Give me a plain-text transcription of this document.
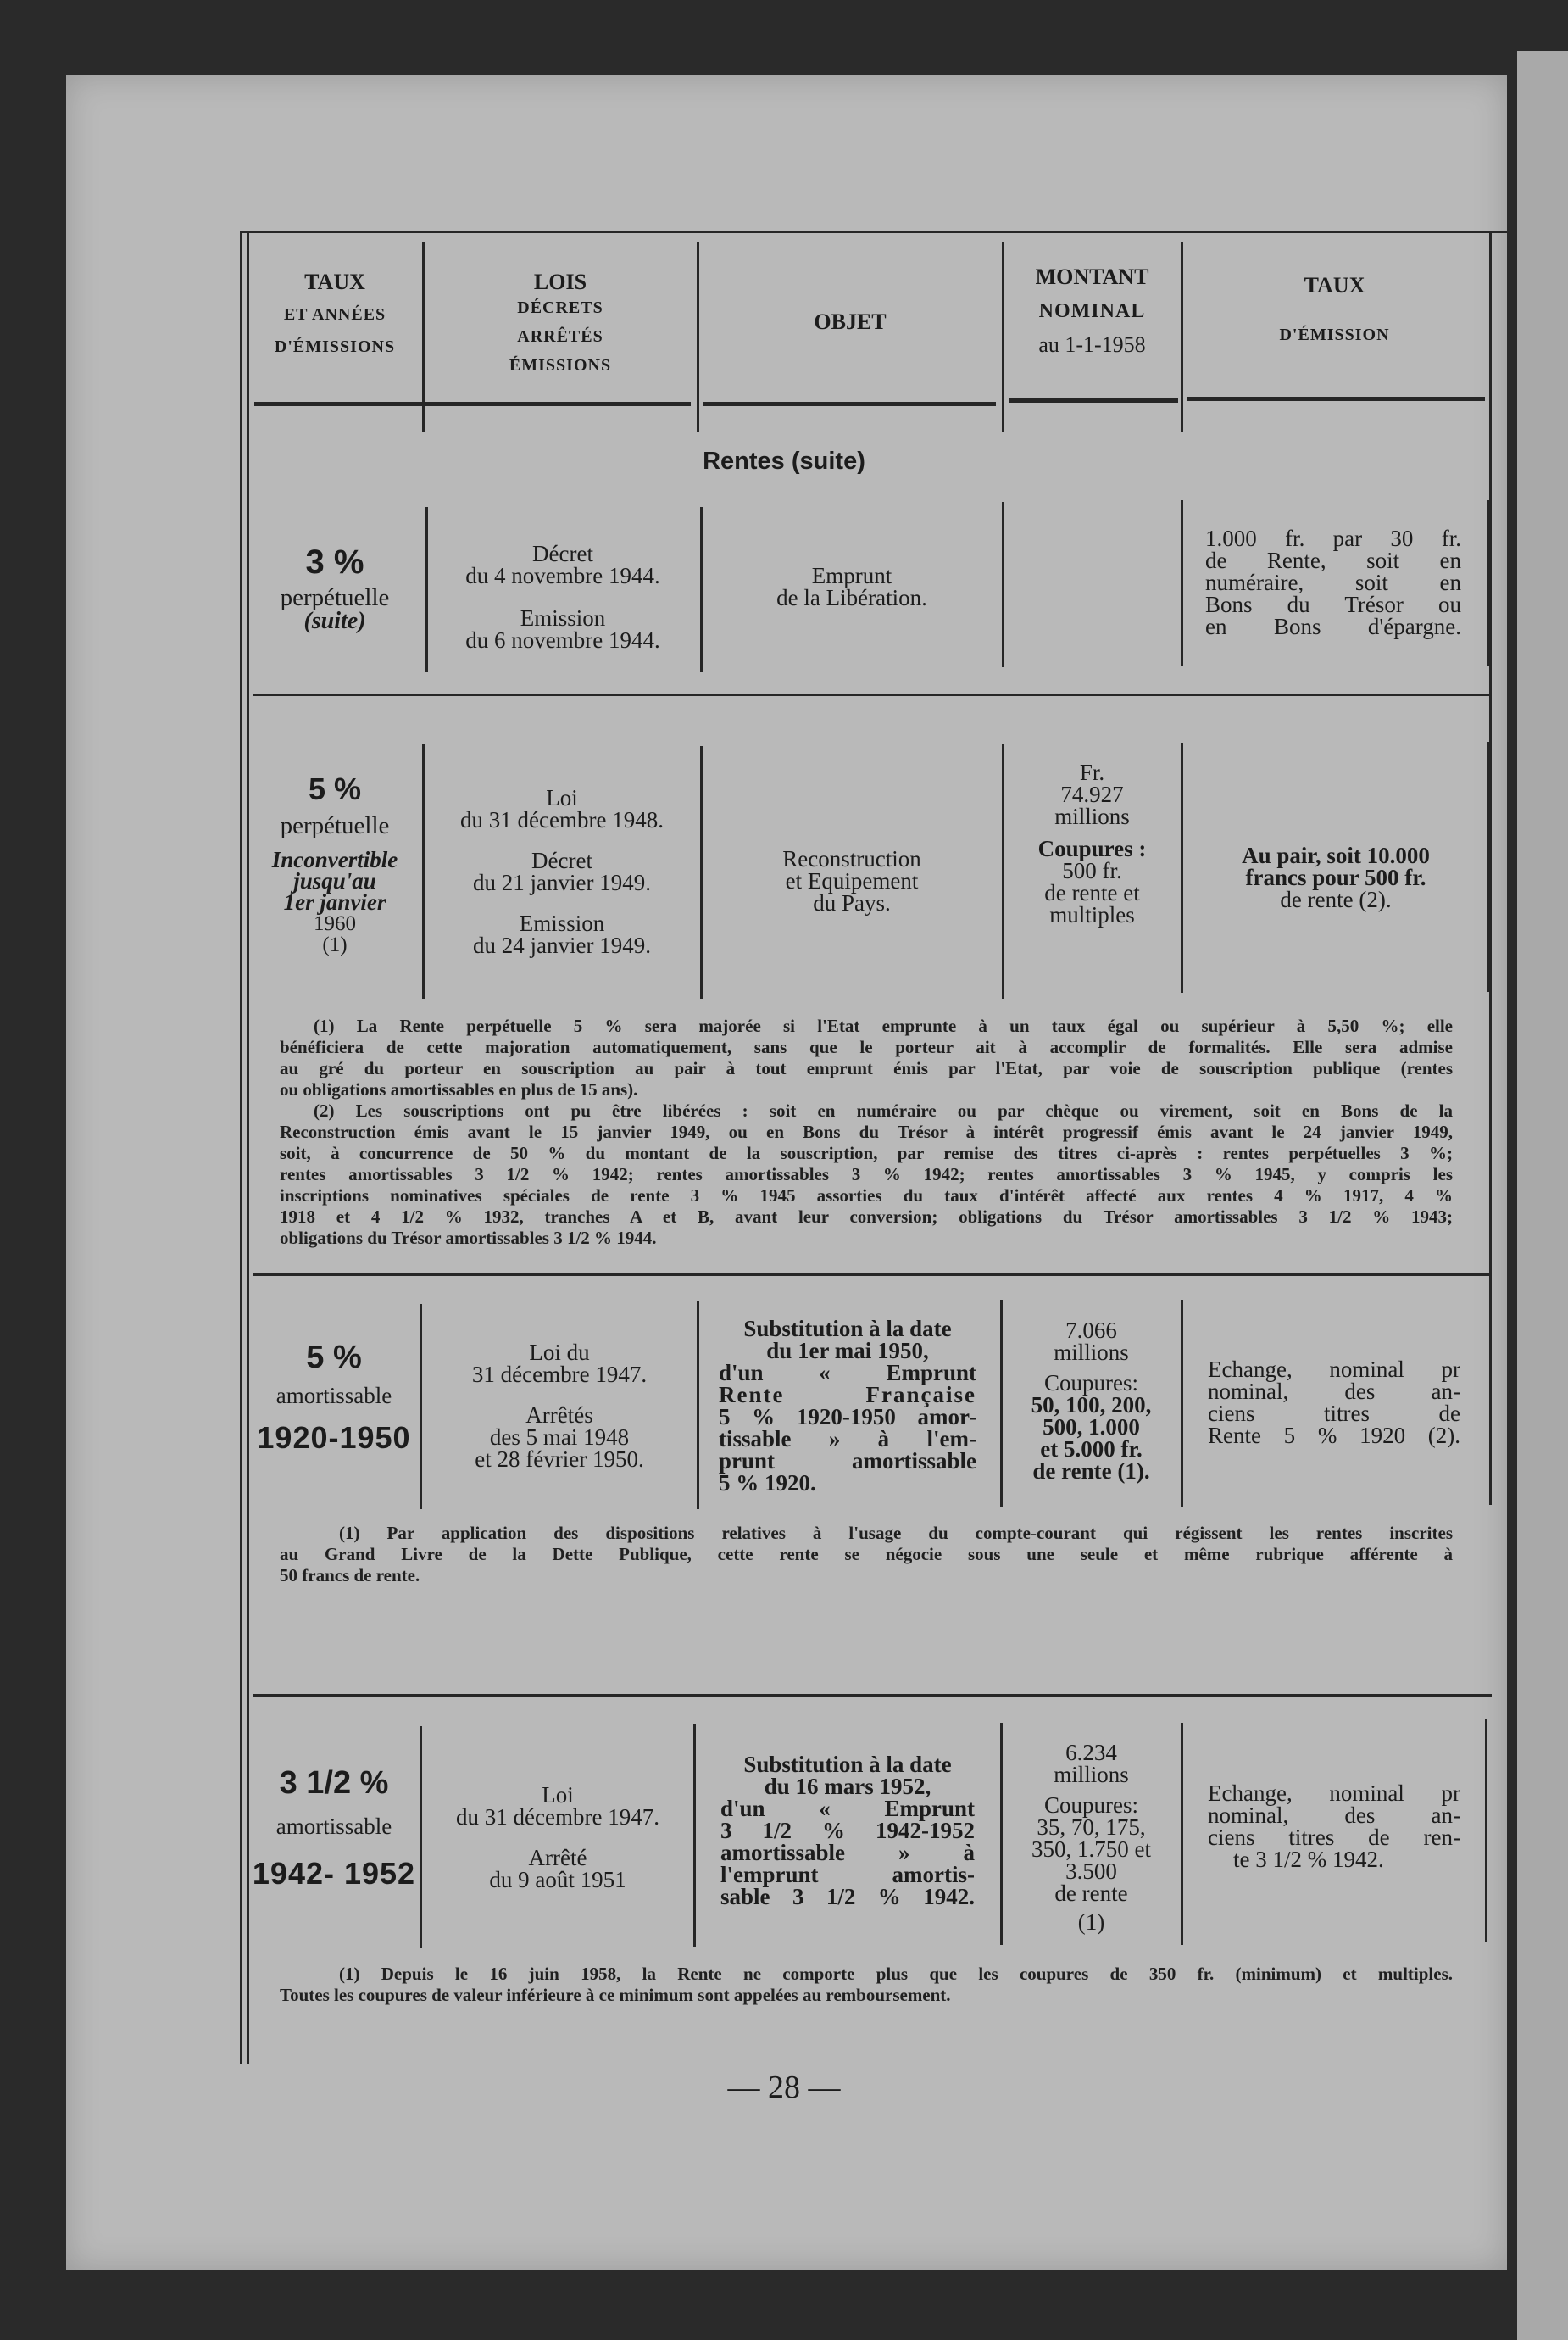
TAUX
ET ANNÉES
D'ÉMISSIONS
LOIS
DÉCRETS
ARRÊTÉS
ÉMISSIONS
OBJET
MONTANT
NOMINAL
au 1-1-1958
TAUX
D'ÉMISSION
Rentes (suite)
3 %
perpétuelle
(suite)
Décret
du 4 novembre 1944.
Emission
du 6 novembre 1944.
Emprunt
de la Libération.
1.000 fr. par 30 fr.
de Rente, soit en
numéraire, soit en
Bons du Trésor ou
en Bons d'épargne.
5 %
perpétuelle
Inconvertible
jusqu'au
1er janvier
1960
(1)
Loi
du 31 décembre 1948.
Décret
du 21 janvier 1949.
Emission
du 24 janvier 1949.
Reconstruction
et Equipement
du Pays.
Fr.
74.927
millions
Coupures :
500 fr.
de rente et
multiples
Au pair, soit 10.000
francs pour 500 fr.
de rente (2).
(1) La Rente perpétuelle 5 % sera majorée si l'Etat emprunte à un taux égal ou supérieur à 5,50 %; elle
bénéficiera de cette majoration automatiquement, sans que le porteur ait à accomplir de formalités. Elle sera admise
au gré du porteur en souscription au pair à tout emprunt émis par l'Etat, par voie de souscription publique (rentes
ou obligations amortissables en plus de 15 ans).
(2) Les souscriptions ont pu être libérées : soit en numéraire ou par chèque ou virement, soit en Bons de la
Reconstruction émis avant le 15 janvier 1949, ou en Bons du Trésor à intérêt progressif émis avant le 24 janvier 1949,
soit, à concurrence de 50 % du montant de la souscription, par remise des titres ci-après : rentes perpétuelles 3 %;
rentes amortissables 3 1/2 % 1942; rentes amortissables 3 % 1942; rentes amortissables 3 % 1945, y compris les
inscriptions nominatives spéciales de rente 3 % 1945 assorties du taux d'intérêt affecté aux rentes 4 % 1917, 4 %
1918 et 4 1/2 % 1932, tranches A et B, avant leur conversion; obligations du Trésor amortissables 3 1/2 % 1943;
obligations du Trésor amortissables 3 1/2 % 1944.
5 %
amortissable
1920-1950
Loi du
31 décembre 1947.
Arrêtés
des 5 mai 1948
et 28 février 1950.
Substitution à la date
du 1er mai 1950,
d'un « Emprunt
Rente Française
5 % 1920-1950 amor-
tissable » à l'em-
prunt amortissable
5 % 1920.
7.066
millions
Coupures:
50, 100, 200,
500, 1.000
et 5.000 fr.
de rente (1).
Echange, nominal pr
nominal, des an-
ciens titres de
Rente 5 % 1920 (2).
(1) Par application des dispositions relatives à l'usage du compte-courant qui régissent les rentes inscrites
au Grand Livre de la Dette Publique, cette rente se négocie sous une seule et même rubrique afférente à
50 francs de rente.
3 1/2 %
amortissable
1942- 1952
Loi
du 31 décembre 1947.
Arrêté
du 9 août 1951
Substitution à la date
du 16 mars 1952,
d'un « Emprunt
3 1/2 % 1942-1952
amortissable » à
l'emprunt amortis-
sable 3 1/2 % 1942.
6.234
millions
Coupures:
35, 70, 175,
350, 1.750 et
3.500
de rente
(1)
Echange, nominal pr
nominal, des an-
ciens titres de ren-
te 3 1/2 % 1942.
(1) Depuis le 16 juin 1958, la Rente ne comporte plus que les coupures de 350 fr. (minimum) et multiples.
Toutes les coupures de valeur inférieure à ce minimum sont appelées au remboursement.
— 28 —
